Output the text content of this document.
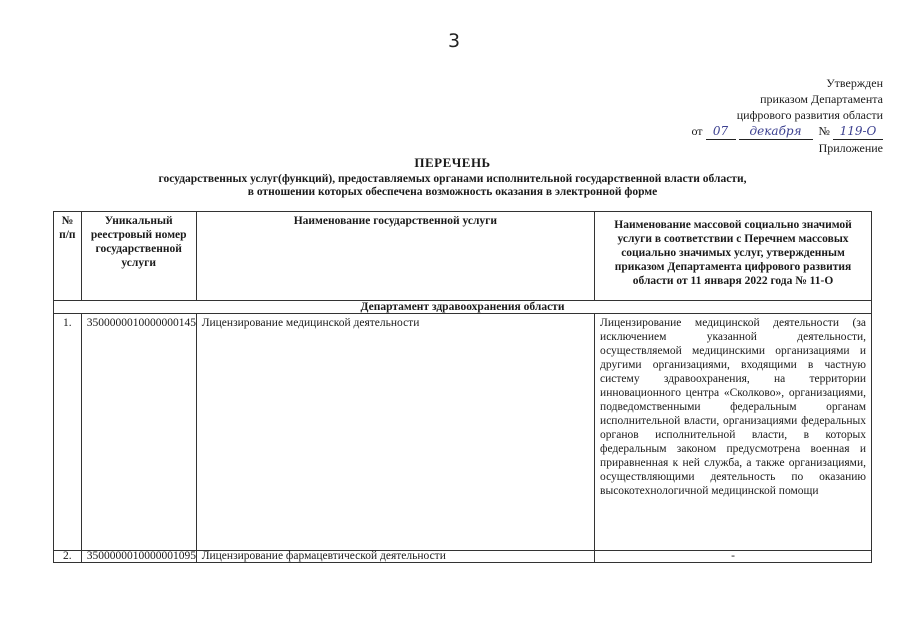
3
Утвержден
приказом Департамента
цифрового развития области
от 07 декабря № 119-О
Приложение
ПЕРЕЧЕНЬ
государственных услуг(функций), предоставляемых органами исполнительной государственной власти области,
в отношении которых обеспечена возможность оказания в электронной форме
№ п/п	Уникальный реестровый номер государственной услуги	Наименование государственной услуги	Наименование массовой социально значимой услуги в соответствии с Перечнем массовых социально значимых услуг, утвержденным приказом Департамента цифрового развития области от 11 января 2022 года № 11-О
Департамент здравоохранения области			
1.	3500000010000000145	Лицензирование медицинской деятельности	Лицензирование медицинской деятельности (за исключением указанной деятельности, осуществляемой медицинскими организациями и другими организациями, входящими в частную систему здравоохранения, на территории инновационного центра «Сколково», организациями, подведомственными федеральным органам исполнительной власти, организациями федеральных органов исполнительной власти, в которых федеральным законом предусмотрена военная и приравненная к ней служба, а также организациями, осуществляющими деятельность по оказанию высокотехнологичной медицинской помощи
2.	3500000010000001095	Лицензирование фармацевтической деятельности	-
